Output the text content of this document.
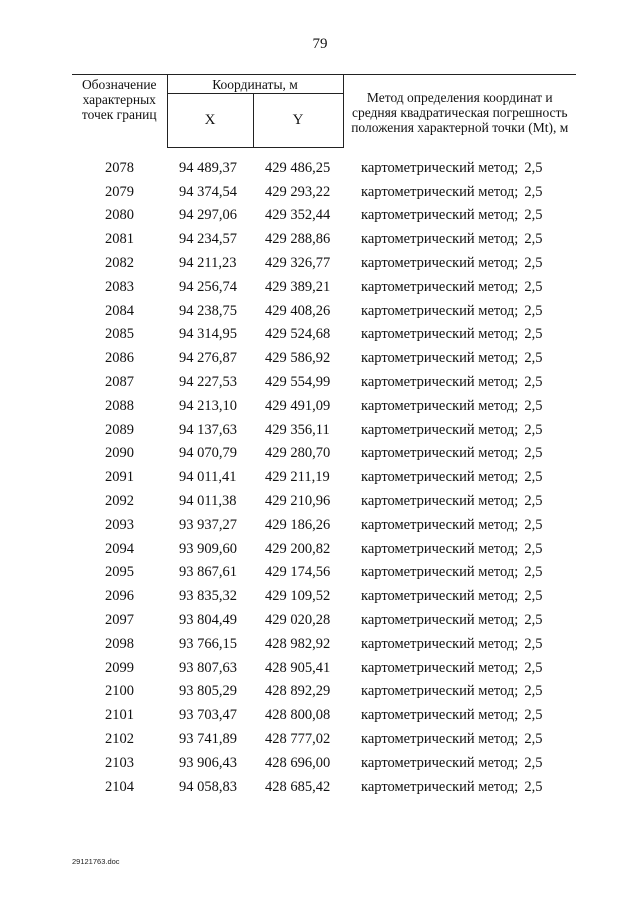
79
Обозначение характерных точек границ	Координаты, м		Метод определения координат и средняя квадратическая погрешность положения характерной точки (Mt), м
	X	Y	

2078	94 489,37	429 486,25	картометрический метод; 2,5
2079	94 374,54	429 293,22	картометрический метод; 2,5
2080	94 297,06	429 352,44	картометрический метод; 2,5
2081	94 234,57	429 288,86	картометрический метод; 2,5
2082	94 211,23	429 326,77	картометрический метод; 2,5
2083	94 256,74	429 389,21	картометрический метод; 2,5
2084	94 238,75	429 408,26	картометрический метод; 2,5
2085	94 314,95	429 524,68	картометрический метод; 2,5
2086	94 276,87	429 586,92	картометрический метод; 2,5
2087	94 227,53	429 554,99	картометрический метод; 2,5
2088	94 213,10	429 491,09	картометрический метод; 2,5
2089	94 137,63	429 356,11	картометрический метод; 2,5
2090	94 070,79	429 280,70	картометрический метод; 2,5
2091	94 011,41	429 211,19	картометрический метод; 2,5
2092	94 011,38	429 210,96	картометрический метод; 2,5
2093	93 937,27	429 186,26	картометрический метод; 2,5
2094	93 909,60	429 200,82	картометрический метод; 2,5
2095	93 867,61	429 174,56	картометрический метод; 2,5
2096	93 835,32	429 109,52	картометрический метод; 2,5
2097	93 804,49	429 020,28	картометрический метод; 2,5
2098	93 766,15	428 982,92	картометрический метод; 2,5
2099	93 807,63	428 905,41	картометрический метод; 2,5
2100	93 805,29	428 892,29	картометрический метод; 2,5
2101	93 703,47	428 800,08	картометрический метод; 2,5
2102	93 741,89	428 777,02	картометрический метод; 2,5
2103	93 906,43	428 696,00	картометрический метод; 2,5
2104	94 058,83	428 685,42	картометрический метод; 2,5
29121763.doc
